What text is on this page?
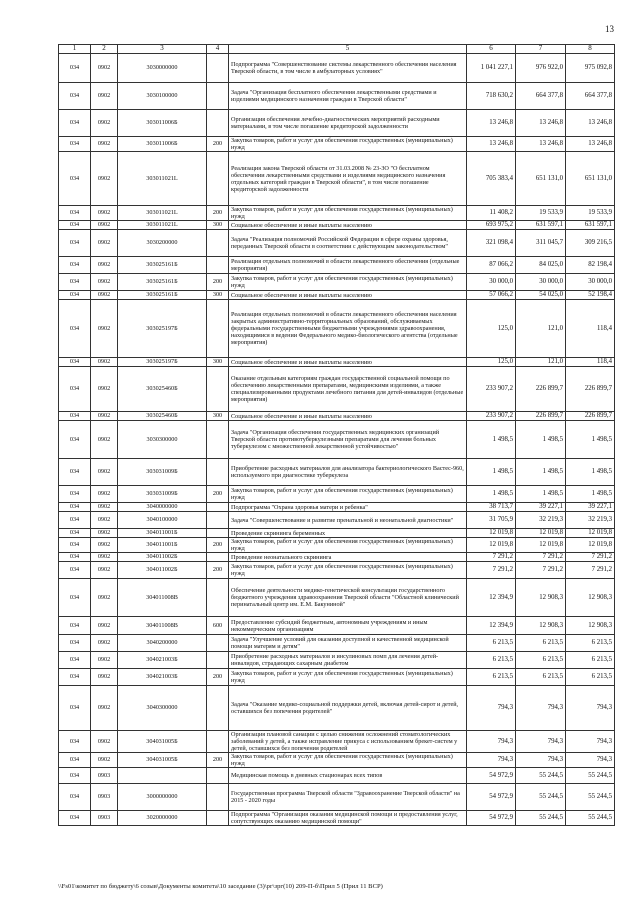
13
1	2	3	4	5	6	7	8
034	0902	3030000000		Подпрограмма "Совершенствование системы лекарственного обеспечения населения Тверской области, в том числе в амбулаторных условиях"	1 041 227,1	976 922,0	975 092,8
034	0902	3030100000		Задача "Организация бесплатного обеспечения лекарственными средствами и изделиями медицинского назначения граждан в Тверской области"	718 630,2	664 377,8	664 377,8
034	0902	303011006Б		Организация обеспечения лечебно-диагностических мероприятий расходными материалами, в том числе погашение кредиторской задолженности	13 246,8	13 246,8	13 246,8
034	0902	303011006Б	200	Закупка товаров, работ и услуг для обеспечения государственных (муниципальных) нужд	13 246,8	13 246,8	13 246,8
034	0902	303011021L		Реализация закона Тверской области от 31.03.2008 № 23-ЗО "О бесплатном обеспечении лекарственными средствами и изделиями медицинского назначения отдельных категорий граждан в Тверской области", в том числе погашение кредиторской задолженности	705 383,4	651 131,0	651 131,0
034	0902	303011021L	200	Закупка товаров, работ и услуг для обеспечения государственных (муниципальных) нужд	11 408,2	19 533,9	19 533,9
034	0902	303011021L	300	Социальное обеспечение и иные выплаты населению	693 975,2	631 597,1	631 597,1
034	0902	3030200000		Задача "Реализация полномочий Российской Федерации в сфере охраны здоровья, переданных Тверской области в соответствии с действующим законодательством"	321 098,4	311 045,7	309 216,5
034	0902	303025161Б		Реализация отдельных полномочий в области лекарственного обеспечения (отдельные мероприятия)	87 066,2	84 025,0	82 198,4
034	0902	303025161Б	200	Закупка товаров, работ и услуг для обеспечения государственных (муниципальных) нужд	30 000,0	30 000,0	30 000,0
034	0902	303025161Б	300	Социальное обеспечение и иные выплаты населению	57 066,2	54 025,0	52 198,4
034	0902	303025197Б		Реализация отдельных полномочий в области лекарственного обеспечения населения закрытых административно-территориальных образований, обслуживаемых федеральными государственными бюджетными учреждениями здравоохранения, находящимися в ведении Федерального медико-биологического агентства (отдельные мероприятия)	125,0	121,0	118,4
034	0902	303025197Б	300	Социальное обеспечение и иные выплаты населению	125,0	121,0	118,4
034	0902	303025460Б		Оказание отдельным категориям граждан государственной социальной помощи по обеспечению лекарственными препаратами, медицинскими изделиями, а также специализированными продуктами лечебного питания для детей-инвалидов (отдельные мероприятия)	233 907,2	226 899,7	226 899,7
034	0902	303025460Б	300	Социальное обеспечение и иные выплаты населению	233 907,2	226 899,7	226 899,7
034	0902	3030300000		Задача "Организация обеспечения государственных медицинских организаций Тверской области противотуберкулезными препаратами для лечения больных туберкулезом с множественной лекарственной устойчивостью"	1 498,5	1 498,5	1 498,5
034	0902	303031009Б		Приобретение расходных материалов для анализатора бактериологического Вастес-960, используемого при диагностике туберкулеза	1 498,5	1 498,5	1 498,5
034	0902	303031009Б	200	Закупка товаров, работ и услуг для обеспечения государственных (муниципальных) нужд	1 498,5	1 498,5	1 498,5
034	0902	3040000000		Подпрограмма "Охрана здоровья матери и ребенка"	38 713,7	39 227,1	39 227,1
034	0902	3040100000		Задача "Совершенствование и развитие пренатальной и неонатальной диагностики"	31 705,9	32 219,3	32 219,3
034	0902	304011001Б		Проведение скрининга беременных	12 019,8	12 019,8	12 019,8
034	0902	304011001Б	200	Закупка товаров, работ и услуг для обеспечения государственных (муниципальных) нужд	12 019,8	12 019,8	12 019,8
034	0902	304011002Б		Проведение неонатального скрининга	7 291,2	7 291,2	7 291,2
034	0902	304011002Б	200	Закупка товаров, работ и услуг для обеспечения государственных (муниципальных) нужд	7 291,2	7 291,2	7 291,2
034	0902	304011008В		Обеспечение деятельности медико-генетической консультации государственного бюджетного учреждения здравоохранения Тверской области "Областной клинический перинатальный центр им. Е.М. Бакуниной"	12 394,9	12 908,3	12 908,3
034	0902	304011008В	600	Предоставление субсидий бюджетным, автономным учреждениям и иным некоммерческим организациям	12 394,9	12 908,3	12 908,3
034	0902	3040200000		Задача "Улучшение условий для оказания доступной и качественной медицинской помощи матерям и детям"	6 213,5	6 213,5	6 213,5
034	0902	304021003Б		Приобретение расходных материалов и инсулиновых помп для лечения детей-инвалидов, страдающих сахарным диабетом	6 213,5	6 213,5	6 213,5
034	0902	304021003Б	200	Закупка товаров, работ и услуг для обеспечения государственных (муниципальных) нужд	6 213,5	6 213,5	6 213,5
034	0902	3040300000		Задача "Оказание медико-социальной поддержки детей, включая детей-сирот и детей, оставшихся без попечения родителей"	794,3	794,3	794,3
034	0902	304031005Б		Организация плановой санации с целью снижения осложнений стоматологических заболеваний у детей, а также исправление прикуса с использованием брекет-систем у детей, оставшихся без попечения родителей	794,3	794,3	794,3
034	0902	304031005Б	200	Закупка товаров, работ и услуг для обеспечения государственных (муниципальных) нужд	794,3	794,3	794,3
034	0903			Медицинская помощь в дневных стационарах всех типов	54 972,9	55 244,5	55 244,5
034	0903	3000000000		Государственная программа Тверской области "Здравоохранение Тверской области" на 2015 - 2020 годы	54 972,9	55 244,5	55 244,5
034	0903	3020000000		Подпрограмма "Организация оказания медицинской помощи и предоставления услуг, сопутствующих оказанию медицинской помощи"	54 972,9	55 244,5	55 244,5
\\Fs01\комитет по бюджету\6 созыв\Документы комитета\10 заседание (3)\рг\зрг(10) 209-П-б\Прил 5 (Прил 11 ВСР)
